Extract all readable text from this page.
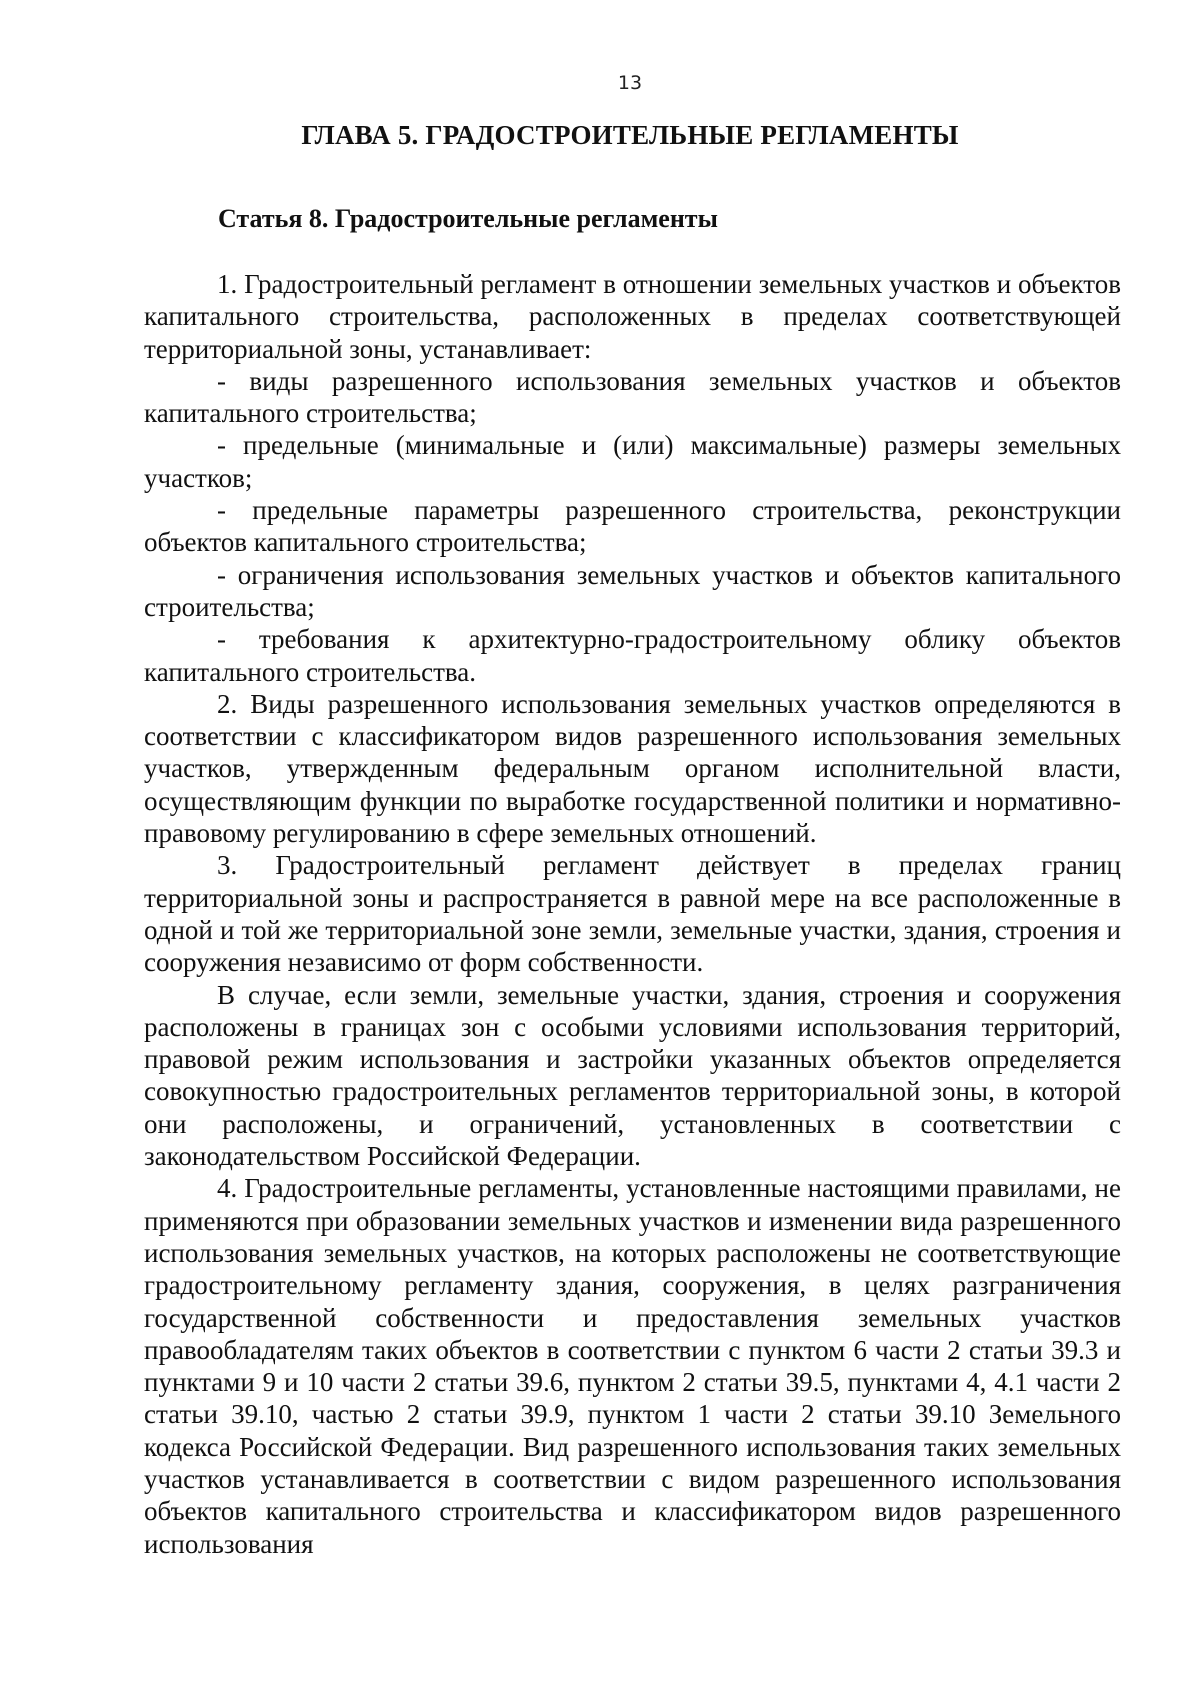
13
ГЛАВА 5. ГРАДОСТРОИТЕЛЬНЫЕ РЕГЛАМЕНТЫ
Статья 8. Градостроительные регламенты

1. Градостроительный регламент в отношении земельных участков и объектов капитального строительства, расположенных в пределах соответствующей территориальной зоны, устанавливает:

- виды разрешенного использования земельных участков и объектов капитального строительства;

- предельные (минимальные и (или) максимальные) размеры земельных участков;

- предельные параметры разрешенного строительства, реконструкции объектов капитального строительства;

- ограничения использования земельных участков и объектов капитального строительства;

- требования к архитектурно-градостроительному облику объектов капитального строительства.

2. Виды разрешенного использования земельных участков определяются в соответствии с классификатором видов разрешенного использования земельных участков, утвержденным федеральным органом исполнительной власти, осуществляющим функции по выработке государственной политики и нормативно-правовому регулированию в сфере земельных отношений.

3. Градостроительный регламент действует в пределах границ территориальной зоны и распространяется в равной мере на все расположенные в одной и той же территориальной зоне земли, земельные участки, здания, строения и сооружения независимо от форм собственности.

В случае, если земли, земельные участки, здания, строения и сооружения расположены в границах зон с особыми условиями использования территорий, правовой режим использования и застройки указанных объектов определяется совокупностью градостроительных регламентов территориальной зоны, в которой они расположены, и ограничений, установленных в соответствии с законодательством Российской Федерации.

4. Градостроительные регламенты, установленные настоящими правилами, не применяются при образовании земельных участков и изменении вида разрешенного использования земельных участков, на которых расположены не соответствующие градостроительному регламенту здания, сооружения, в целях разграничения государственной собственности и предоставления земельных участков правообладателям таких объектов в соответствии с пунктом 6 части 2 статьи 39.3 и пунктами 9 и 10 части 2 статьи 39.6, пунктом 2 статьи 39.5, пунктами 4, 4.1 части 2 статьи 39.10, частью 2 статьи 39.9, пунктом 1 части 2 статьи 39.10 Земельного кодекса Российской Федерации. Вид разрешенного использования таких земельных участков устанавливается в соответствии с видом разрешенного использования объектов капитального строительства и классификатором видов разрешенного использования
